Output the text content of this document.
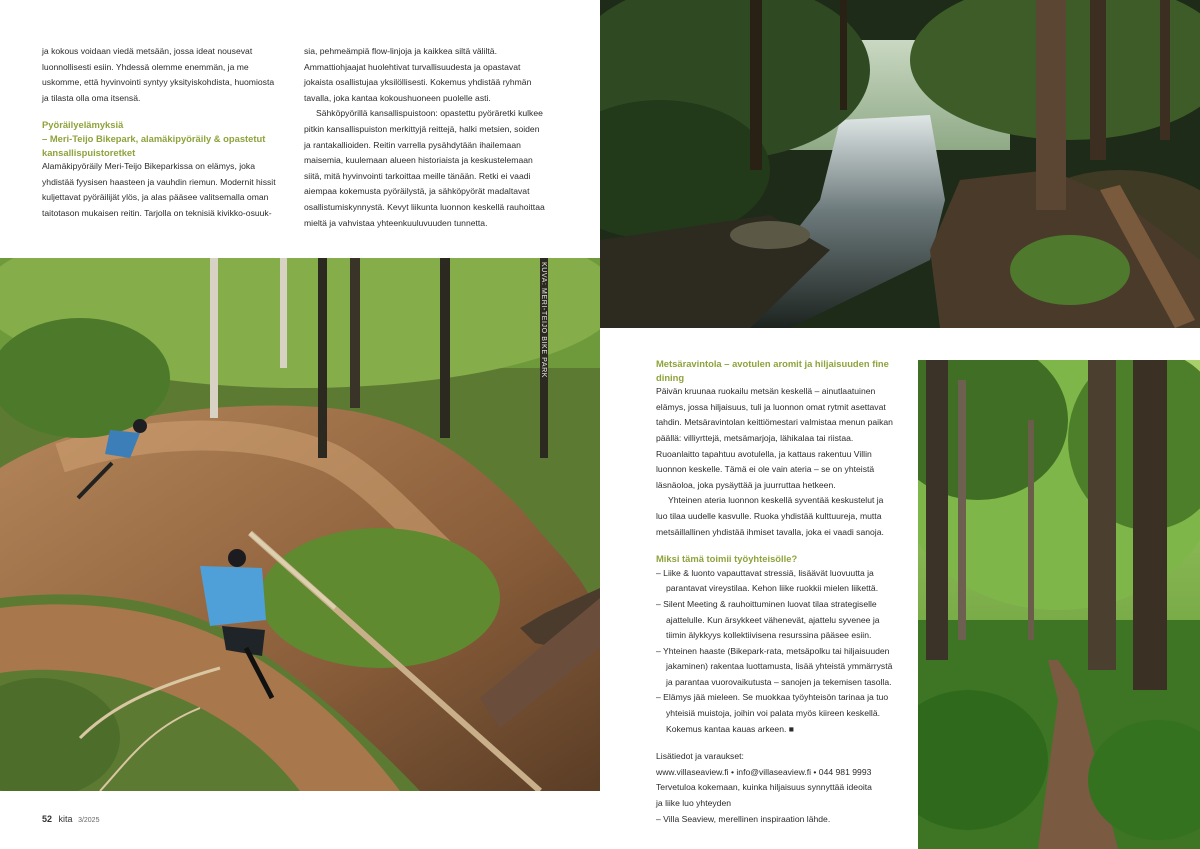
ja kokous voidaan viedä metsään, jossa ideat nousevat luonnollisesti esiin. Yhdessä olemme enemmän, ja me uskomme, että hyvinvointi syntyy yksityiskohdista, huomiosta ja tilasta olla oma itsensä.

Pyöräilyelämyksiä

– Meri-Teijo Bikepark, alamäkipyöräily & opastetut kansallispuistoretket

Alamäkipyöräily Meri-Teijo Bikeparkissa on elämys, joka yhdistää fyysisen haasteen ja vauhdin riemun. Modernit hissit kuljettavat pyöräilijät ylös, ja alas pääsee valitsemalla oman taitotason mukaisen reitin. Tarjolla on teknisiä kivikko-osuuk-

sia, pehmeämpiä flow-linjoja ja kaikkea siltä väliltä. Ammattiohjaajat huolehtivat turvallisuudesta ja opastavat jokaista osallistujaa yksilöllisesti. Kokemus yhdistää ryhmän tavalla, joka kantaa kokoushuoneen puolelle asti.

Sähköpyörillä kansallispuistoon: opastettu pyöräretki kulkee pitkin kansallispuiston merkittyjä reittejä, halki metsien, soiden ja rantakallioiden. Reitin varrella pysähdytään ihailemaan maisemia, kuulemaan alueen historiaista ja keskustelemaan siitä, mitä hyvinvointi tarkoittaa meille tänään. Retki ei vaadi aiempaa kokemusta pyöräilystä, ja sähköpyörät madaltavat osallistumiskynnystä. Kevyt liikunta luonnon keskellä rauhoittaa mieltä ja vahvistaa yhteenkuuluvuuden tunnetta.

KUVA: MERI-TEIJO BIKE PARK	Metsäravintola – avotulen aromit ja hiljaisuuden fine dining

Päivän kruunaa ruokailu metsän keskellä – ainutlaatuinen elämys, jossa hiljaisuus, tuli ja luonnon omat rytmit asettavat tahdin. Metsäravintolan keittiömestari valmistaa menun paikan päällä: villiyrttejä, metsämarjoja, lähikalaa tai riistaa. Ruoanlaitto tapahtuu avotulella, ja kattaus rakentuu Villin luonnon keskelle. Tämä ei ole vain ateria – se on yhteistä läsnäoloa, joka pysäyttää ja juurruttaa hetkeen.

Yhteinen ateria luonnon keskellä syventää keskustelut ja luo tilaa uudelle kasvulle. Ruoka yhdistää kulttuureja, mutta metsäillallinen yhdistää ihmiset tavalla, joka ei vaadi sanoja.

Miksi tämä toimii työyhteisölle?

– Liike & luonto vapauttavat stressiä, lisäävät luovuutta ja parantavat vireystilaa. Kehon liike ruokkii mielen liikettä.
– Silent Meeting & rauhoittuminen luovat tilaa strategiselle ajattelulle. Kun ärsykkeet vähenevät, ajattelu syvenee ja tiimin älykkyys kollektiivisena resurssina pääsee esiin.
– Yhteinen haaste (Bikepark-rata, metsäpolku tai hiljaisuuden jakaminen) rakentaa luottamusta, lisää yhteistä ymmärrystä ja parantaa vuorovaikutusta – sanojen ja tekemisen tasolla.
– Elämys jää mieleen. Se muokkaa työyhteisön tarinaa ja tuo yhteisiä muistoja, joihin voi palata myös kiireen keskellä. Kokemus kantaa kauas arkeen. ■

Lisätiedot ja varaukset:

www.villaseaview.fi • info@villaseaview.fi • 044 981 9993

Tervetuloa kokemaan, kuinka hiljaisuus synnyttää ideoita

ja liike luo yhteyden

– Villa Seaview, merellinen inspiraation lähde.

52 kita 3/2025
